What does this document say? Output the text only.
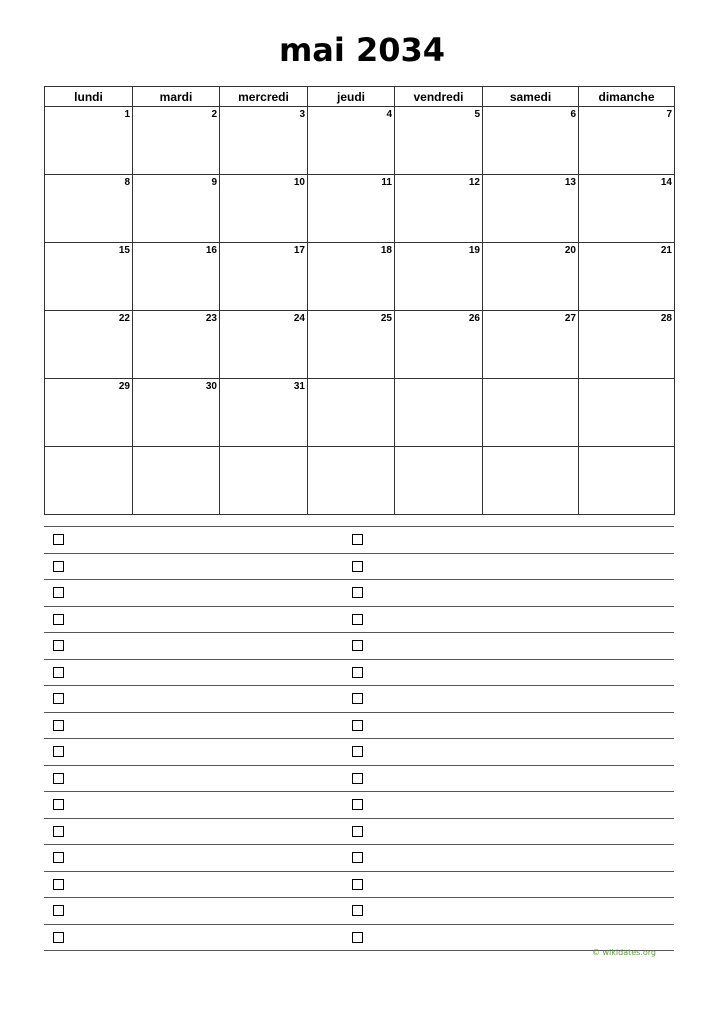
mai 2034
lundi	mardi	mercredi	jeudi	vendredi	samedi	dimanche

1	2	3	4	5	6	7

8	9	10	11	12	13	14

15	16	17	18	19	20	21

22	23	24	25	26	27	28

29	30	31				

© wikidates.org
